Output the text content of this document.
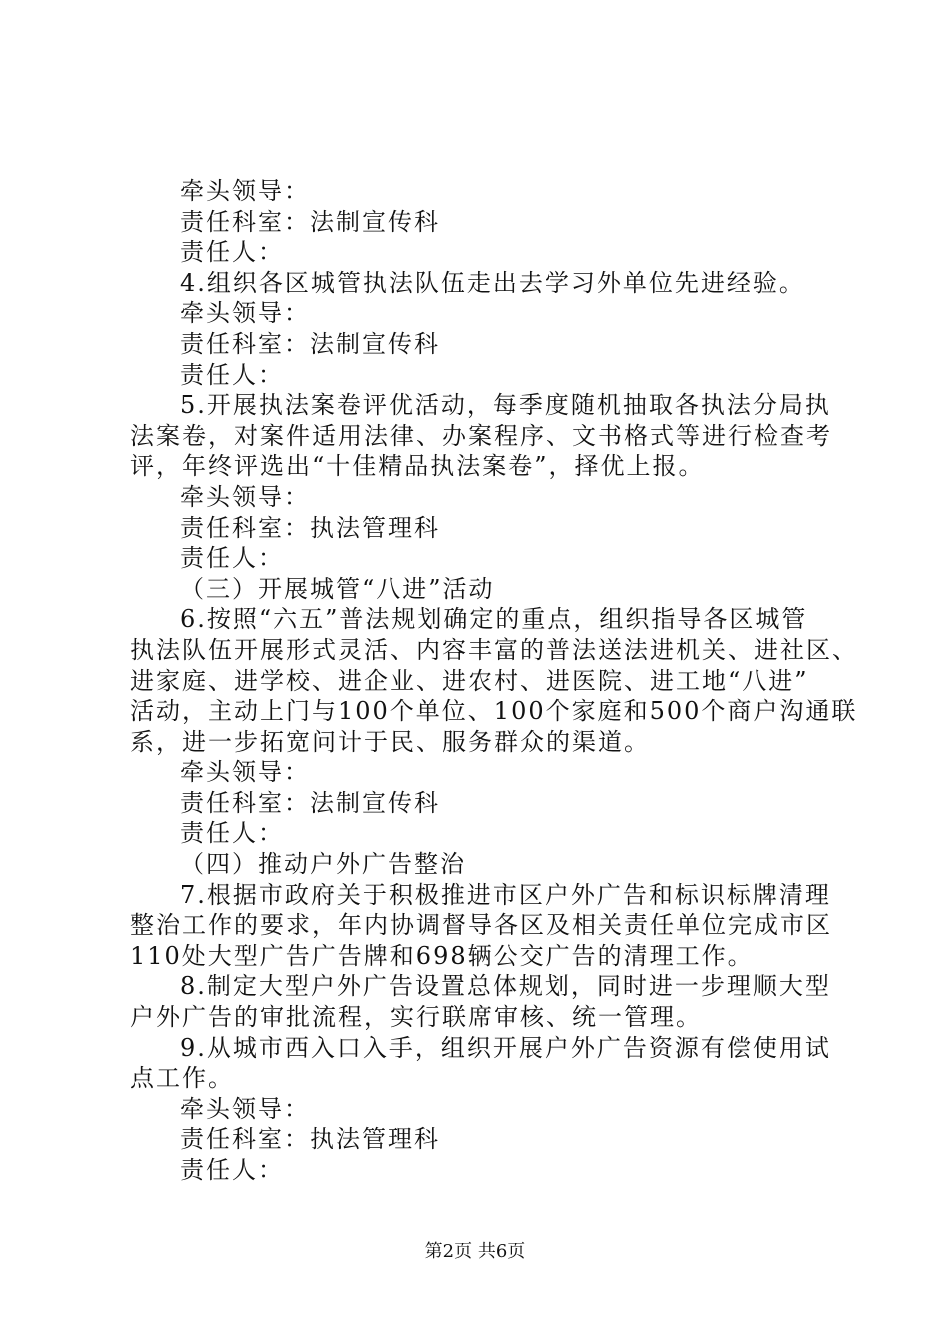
牵头领导：
责任科室：法制宣传科
责任人：
4.组织各区城管执法队伍走出去学习外单位先进经验。
牵头领导：
责任科室：法制宣传科
责任人：
5.开展执法案卷评优活动，每季度随机抽取各执法分局执
法案卷，对案件适用法律、办案程序、文书格式等进行检查考
评，年终评选出“十佳精品执法案卷”，择优上报。
牵头领导：
责任科室：执法管理科
责任人：
（三）开展城管“八进”活动
6.按照“六五”普法规划确定的重点，组织指导各区城管
执法队伍开展形式灵活、内容丰富的普法送法进机关、进社区、
进家庭、进学校、进企业、进农村、进医院、进工地“八进”
活动，主动上门与100个单位、100个家庭和500个商户沟通联
系，进一步拓宽问计于民、服务群众的渠道。
牵头领导：
责任科室：法制宣传科
责任人：
（四）推动户外广告整治
7.根据市政府关于积极推进市区户外广告和标识标牌清理
整治工作的要求，年内协调督导各区及相关责任单位完成市区
110处大型广告广告牌和698辆公交广告的清理工作。
8.制定大型户外广告设置总体规划，同时进一步理顺大型
户外广告的审批流程，实行联席审核、统一管理。
9.从城市西入口入手，组织开展户外广告资源有偿使用试
点工作。
牵头领导：
责任科室：执法管理科
责任人：
第2页 共6页
